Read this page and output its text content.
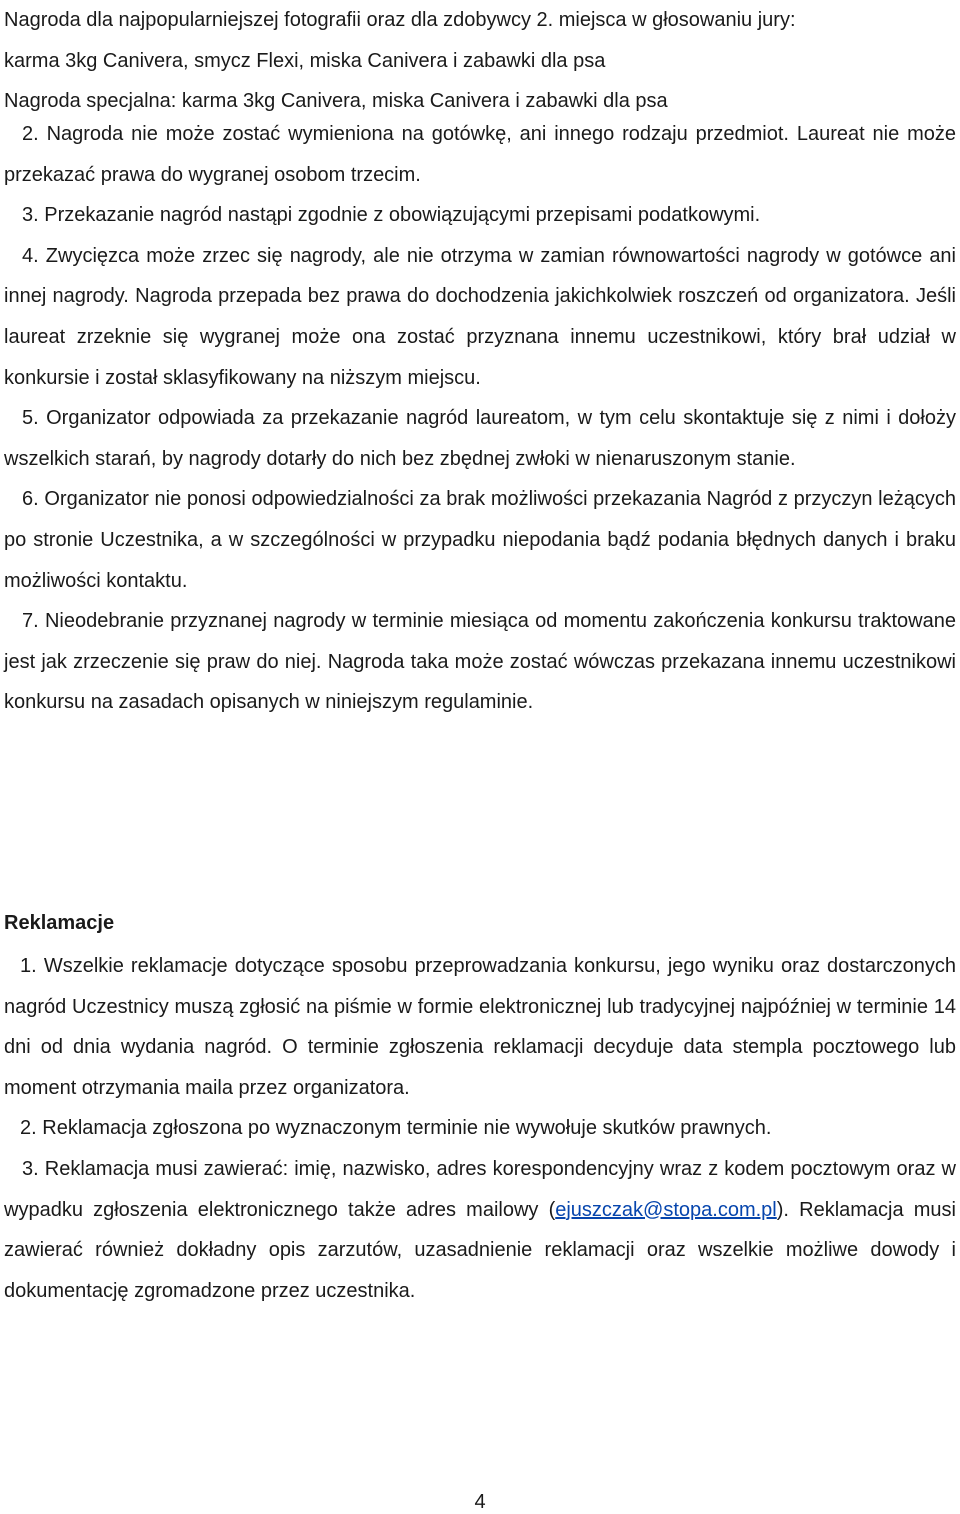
Nagroda dla najpopularniejszej fotografii oraz dla zdobywcy 2. miejsca w głosowaniu jury:

karma 3kg Canivera, smycz Flexi, miska Canivera i zabawki dla psa

Nagroda specjalna: karma 3kg Canivera, miska Canivera i zabawki dla psa

2. Nagroda nie może zostać wymieniona na gotówkę, ani innego rodzaju przedmiot. Laureat nie może przekazać prawa do wygranej osobom trzecim.

3. Przekazanie nagród nastąpi zgodnie z obowiązującymi przepisami podatkowymi.

4. Zwycięzca może zrzec się nagrody, ale nie otrzyma w zamian równowartości nagrody w gotówce ani innej nagrody. Nagroda przepada bez prawa do dochodzenia jakichkolwiek roszczeń od organizatora. Jeśli laureat zrzeknie się wygranej może ona zostać przyznana innemu uczestnikowi, który brał udział w konkursie i został sklasyfikowany na niższym miejscu.

5. Organizator odpowiada za przekazanie nagród laureatom, w tym celu skontaktuje się z nimi i dołoży wszelkich starań, by nagrody dotarły do nich bez zbędnej zwłoki w nienaruszonym stanie.

6. Organizator nie ponosi odpowiedzialności za brak możliwości przekazania Nagród z przyczyn leżących po stronie Uczestnika, a w szczególności w przypadku niepodania bądź podania błędnych danych i braku możliwości kontaktu.

7. Nieodebranie przyznanej nagrody w terminie miesiąca od momentu zakończenia konkursu traktowane jest jak zrzeczenie się praw do niej. Nagroda taka może zostać wówczas przekazana innemu uczestnikowi konkursu na zasadach opisanych w niniejszym regulaminie.

Reklamacje

1. Wszelkie reklamacje dotyczące sposobu przeprowadzania konkursu, jego wyniku oraz dostarczonych nagród Uczestnicy muszą zgłosić na piśmie w formie elektronicznej lub tradycyjnej najpóźniej w terminie 14 dni od dnia wydania nagród. O terminie zgłoszenia reklamacji decyduje data stempla pocztowego lub moment otrzymania maila przez organizatora.

2. Reklamacja zgłoszona po wyznaczonym terminie nie wywołuje skutków prawnych.

3. Reklamacja musi zawierać: imię, nazwisko, adres korespondencyjny wraz z kodem pocztowym oraz w wypadku zgłoszenia elektronicznego także adres mailowy (ejuszczak@stopa.com.pl). Reklamacja musi zawierać również dokładny opis zarzutów, uzasadnienie reklamacji oraz wszelkie możliwe dowody i dokumentację zgromadzone przez uczestnika.

4
